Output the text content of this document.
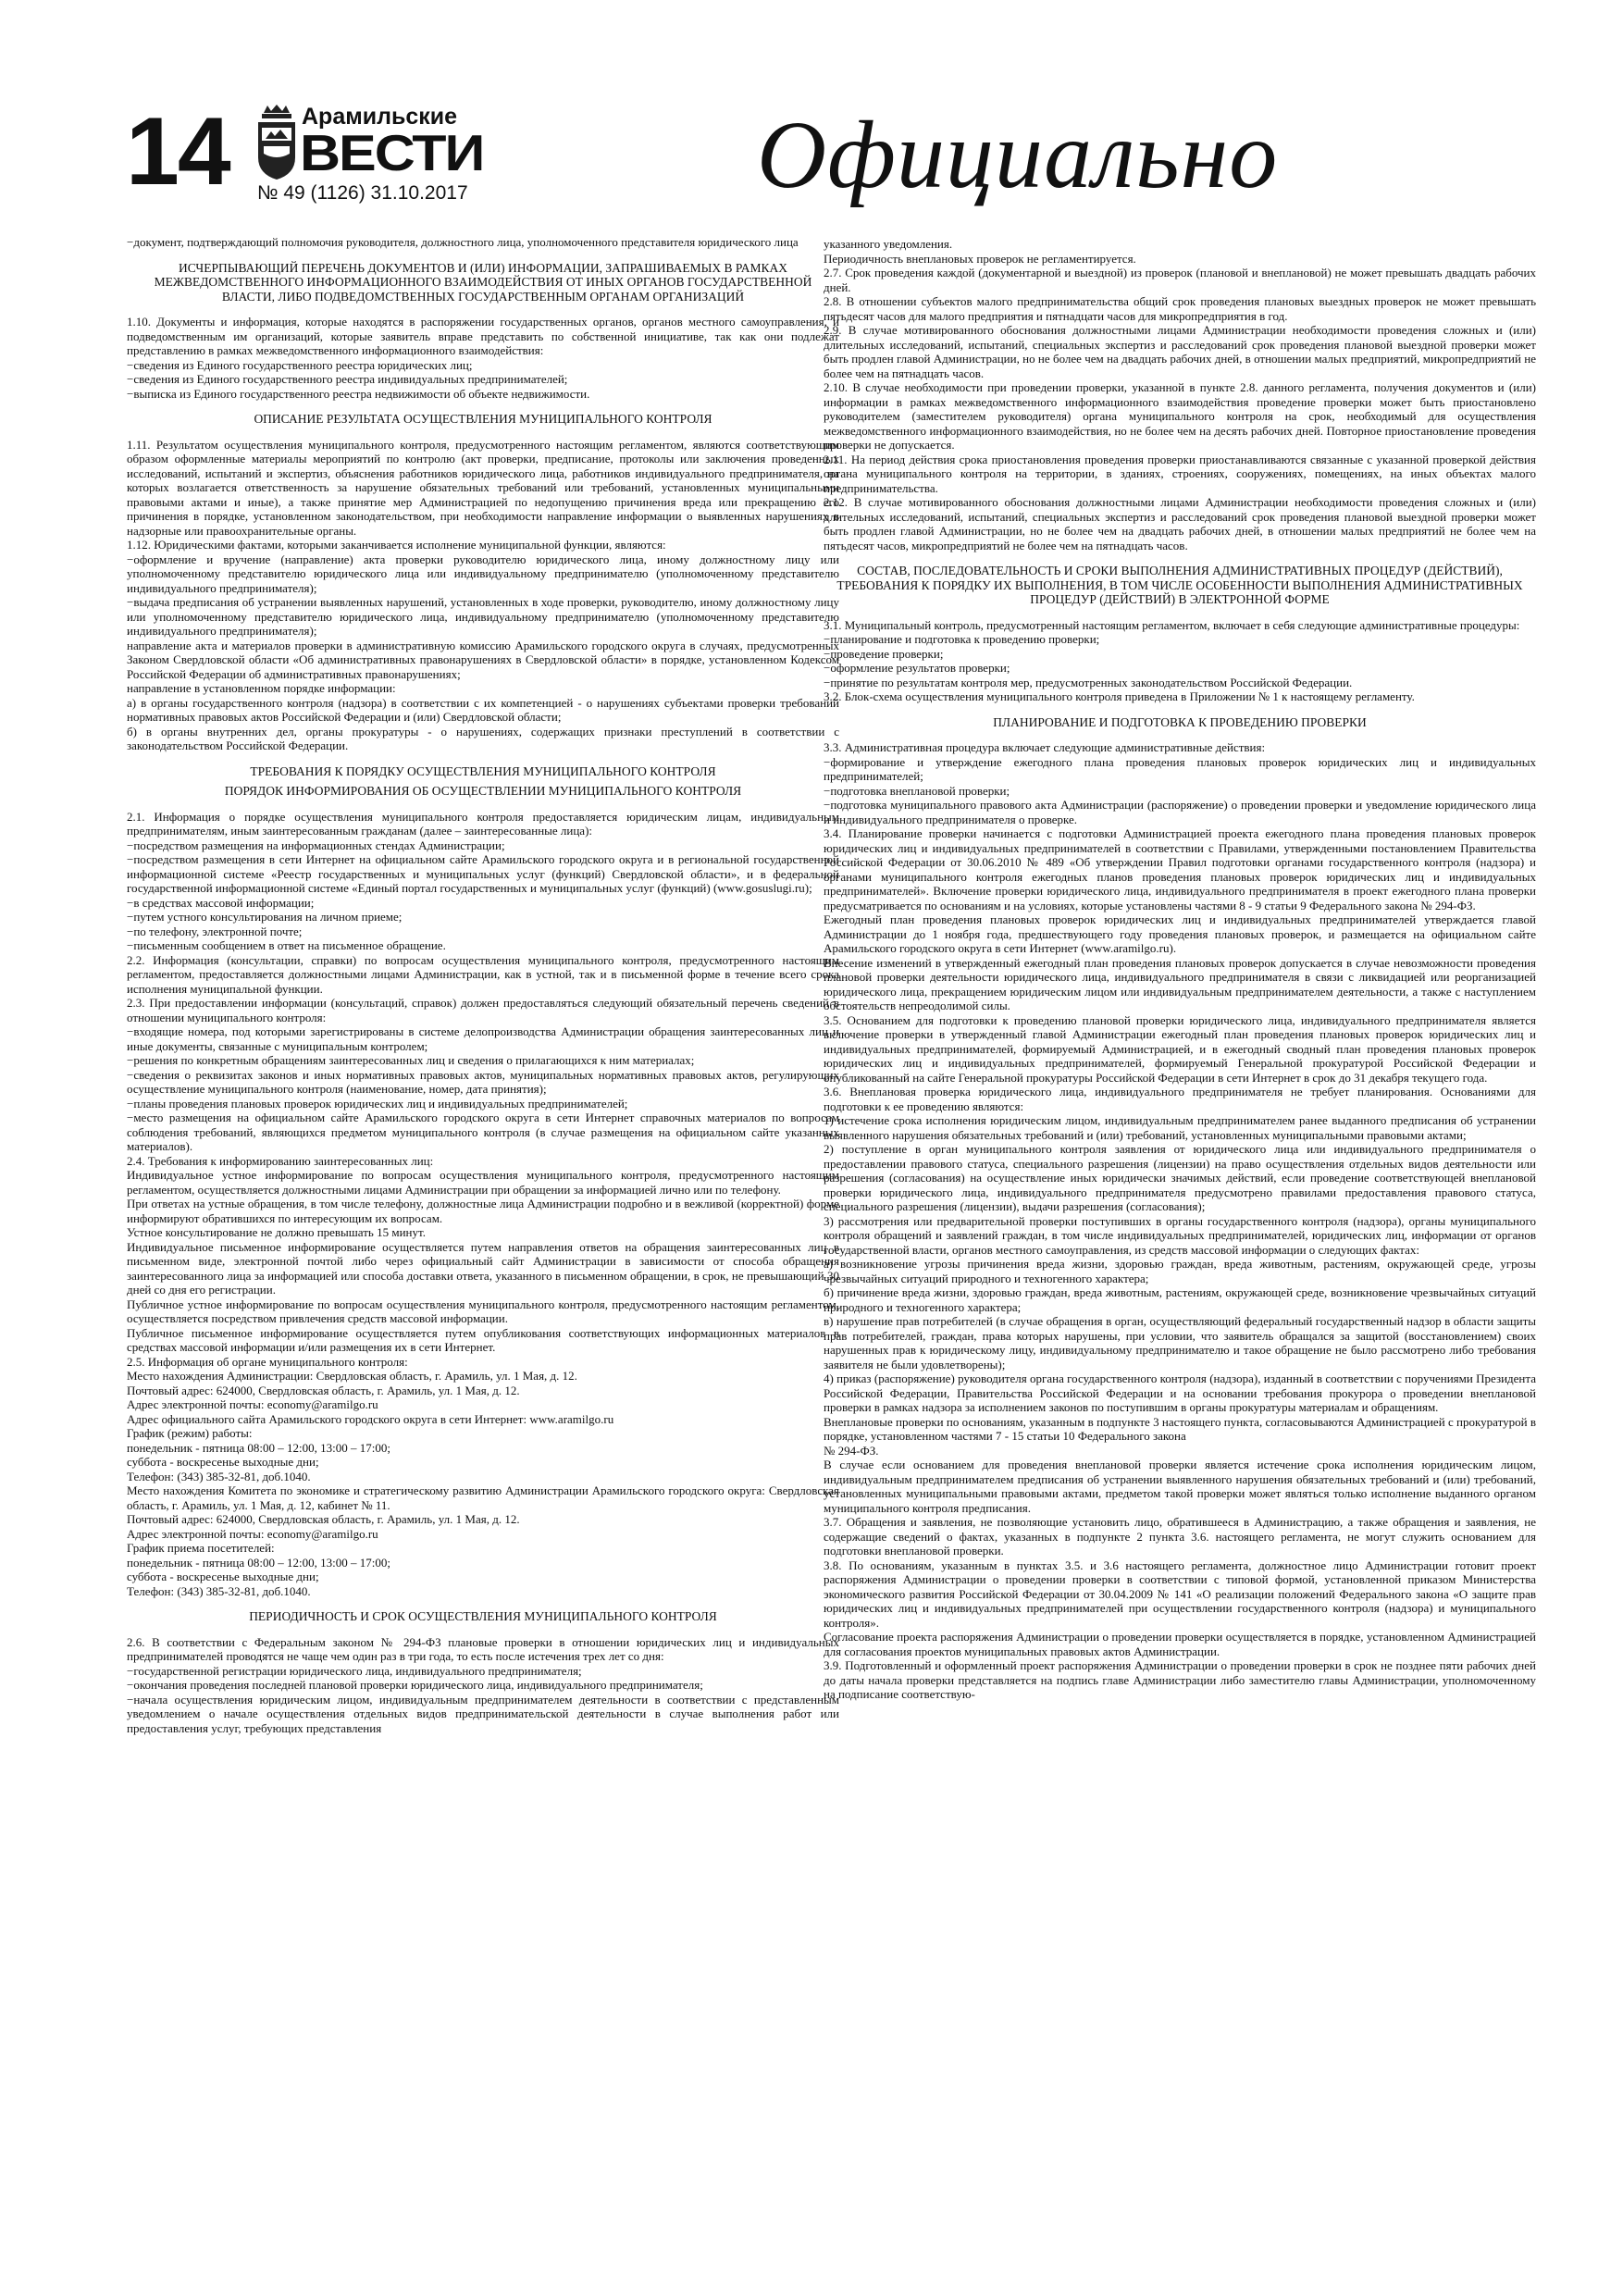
14	Арамильские
ВЕСТИ
№ 49 (1126) 31.10.2017	Официально

−документ, подтверждающий полномочия руководителя, должностного лица, уполномоченного представителя юридического лица

ИСЧЕРПЫВАЮЩИЙ ПЕРЕЧЕНЬ ДОКУМЕНТОВ И (ИЛИ) ИНФОРМАЦИИ, ЗАПРАШИВАЕМЫХ В РАМКАХ МЕЖВЕДОМСТВЕННОГО ИНФОРМАЦИОННОГО ВЗАИМОДЕЙСТВИЯ ОТ ИНЫХ ОРГАНОВ ГОСУДАРСТВЕННОЙ ВЛАСТИ, ЛИБО ПОДВЕДОМСТВЕННЫХ ГОСУДАРСТВЕННЫМ ОРГАНАМ ОРГАНИЗАЦИЙ

1.10. Документы и информация, которые находятся в распоряжении государственных органов, органов местного самоуправления, и подведомственным им организаций, которые заявитель вправе представить по собственной инициативе, так как они подлежат представлению в рамках межведомственного информационного взаимодействия:

−сведения из Единого государственного реестра юридических лиц;

−сведения из Единого государственного реестра индивидуальных предпринимателей;

−выписка из Единого государственного реестра недвижимости об объекте недвижимости.

ОПИСАНИЕ РЕЗУЛЬТАТА ОСУЩЕСТВЛЕНИЯ МУНИЦИПАЛЬНОГО КОНТРОЛЯ

1.11. Результатом осуществления муниципального контроля, предусмотренного настоящим регламентом, являются соответствующим образом оформленные материалы мероприятий по контролю (акт проверки, предписание, протоколы или заключения проведенных исследований, испытаний и экспертиз, объяснения работников юридического лица, работников индивидуального предпринимателя, на которых возлагается ответственность за нарушение обязательных требований или требований, установленных муниципальными правовыми актами и иные), а также принятие мер Администрацией по недопущению причинения вреда или прекращению его причинения в порядке, установленном законодательством, при необходимости направление информации о выявленных нарушениях в надзорные или правоохранительные органы.

1.12. Юридическими фактами, которыми заканчивается исполнение муниципальной функции, являются:

−оформление и вручение (направление) акта проверки руководителю юридического лица, иному должностному лицу или уполномоченному представителю юридического лица или индивидуальному предпринимателю (уполномоченному представителю индивидуального предпринимателя);

−выдача предписания об устранении выявленных нарушений, установленных в ходе проверки, руководителю, иному должностному лицу или уполномоченному представителю юридического лица, индивидуальному предпринимателю (уполномоченному представителю индивидуального предпринимателя);

направление акта и материалов проверки в административную комиссию Арамильского городского округа в случаях, предусмотренных Законом Свердловской области «Об административных правонарушениях в Свердловской области» в порядке, установленном Кодексом Российской Федерации об административных правонарушениях;

направление в установленном порядке информации:

а) в органы государственного контроля (надзора) в соответствии с их компетенцией - о нарушениях субъектами проверки требований нормативных правовых актов Российской Федерации и (или) Свердловской области;

б) в органы внутренних дел, органы прокуратуры - о нарушениях, содержащих признаки преступлений в соответствии с законодательством Российской Федерации.

ТРЕБОВАНИЯ К ПОРЯДКУ ОСУЩЕСТВЛЕНИЯ МУНИЦИПАЛЬНОГО КОНТРОЛЯ
ПОРЯДОК ИНФОРМИРОВАНИЯ ОБ ОСУЩЕСТВЛЕНИИ МУНИЦИПАЛЬНОГО КОНТРОЛЯ

2.1. Информация о порядке осуществления муниципального контроля предоставляется юридическим лицам, индивидуальным предпринимателям, иным заинтересованным гражданам (далее – заинтересованные лица):

−посредством размещения на информационных стендах Администрации;

−посредством размещения в сети Интернет на официальном сайте Арамильского городского округа и в региональной государственной информационной системе «Реестр государственных и муниципальных услуг (функций) Свердловской области», и в федеральной государственной информационной системе «Единый портал государственных и муниципальных услуг (функций) (www.gosuslugi.ru);

−в средствах массовой информации;

−путем устного консультирования на личном приеме;

−по телефону, электронной почте;

−письменным сообщением в ответ на письменное обращение.

2.2. Информация (консультации, справки) по вопросам осуществления муниципального контроля, предусмотренного настоящим регламентом, предоставляется должностными лицами Администрации, как в устной, так и в письменной форме в течение всего срока исполнения муниципальной функции.

2.3. При предоставлении информации (консультаций, справок) должен предоставляться следующий обязательный перечень сведений в отношении муниципального контроля:

−входящие номера, под которыми зарегистрированы в системе делопроизводства Администрации обращения заинтересованных лиц и иные документы, связанные с муниципальным контролем;

−решения по конкретным обращениям заинтересованных лиц и сведения о прилагающихся к ним материалах;

−сведения о реквизитах законов и иных нормативных правовых актов, муниципальных нормативных правовых актов, регулирующих осуществление муниципального контроля (наименование, номер, дата принятия);

−планы проведения плановых проверок юридических лиц и индивидуальных предпринимателей;

−место размещения на официальном сайте Арамильского городского округа в сети Интернет справочных материалов по вопросам соблюдения требований, являющихся предметом муниципального контроля (в случае размещения на официальном сайте указанных материалов).

2.4. Требования к информированию заинтересованных лиц:

Индивидуальное устное информирование по вопросам осуществления муниципального контроля, предусмотренного настоящим регламентом, осуществляется должностными лицами Администрации при обращении за информацией лично или по телефону.

При ответах на устные обращения, в том числе телефону, должностные лица Администрации подробно и в вежливой (корректной) форме информируют обратившихся по интересующим их вопросам.

Устное консультирование не должно превышать 15 минут.

Индивидуальное письменное информирование осуществляется путем направления ответов на обращения заинтересованных лиц в письменном виде, электронной почтой либо через официальный сайт Администрации в зависимости от способа обращения заинтересованного лица за информацией или способа доставки ответа, указанного в письменном обращении, в срок, не превышающий 30 дней со дня его регистрации.

Публичное устное информирование по вопросам осуществления муниципального контроля, предусмотренного настоящим регламентом, осуществляется посредством привлечения средств массовой информации.

Публичное письменное информирование осуществляется путем опубликования соответствующих информационных материалов в средствах массовой информации и/или размещения их в сети Интернет.

2.5. Информация об органе муниципального контроля:

Место нахождения Администрации: Свердловская область, г. Арамиль, ул. 1 Мая, д. 12.

Почтовый адрес: 624000, Свердловская область, г. Арамиль, ул. 1 Мая, д. 12.

Адрес электронной почты: economy@aramilgo.ru

Адрес официального сайта Арамильского городского округа в сети Интернет: www.aramilgo.ru

График (режим) работы:

понедельник - пятница 08:00 – 12:00, 13:00 – 17:00;

суббота - воскресенье выходные дни;

Телефон: (343) 385-32-81, доб.1040.

Место нахождения Комитета по экономике и стратегическому развитию Администрации Арамильского городского округа: Свердловская область, г. Арамиль, ул. 1 Мая, д. 12, кабинет № 11.

Почтовый адрес: 624000, Свердловская область, г. Арамиль, ул. 1 Мая, д. 12.

Адрес электронной почты: economy@aramilgo.ru

График приема посетителей:

понедельник - пятница 08:00 – 12:00, 13:00 – 17:00;

суббота - воскресенье выходные дни;

Телефон: (343) 385-32-81, доб.1040.

ПЕРИОДИЧНОСТЬ И СРОК ОСУЩЕСТВЛЕНИЯ МУНИЦИПАЛЬНОГО КОНТРОЛЯ

2.6. В соответствии с Федеральным законом № 294-ФЗ плановые проверки в отношении юридических лиц и индивидуальных предпринимателей проводятся не чаще чем один раз в три года, то есть после истечения трех лет со дня:

−государственной регистрации юридического лица, индивидуального предпринимателя;

−окончания проведения последней плановой проверки юридического лица, индивидуального предпринимателя;

−начала осуществления юридическим лицом, индивидуальным предпринимателем деятельности в соответствии с представленным уведомлением о начале осуществления отдельных видов предпринимательской деятельности в случае выполнения работ или предоставления услуг, требующих представления

указанного уведомления.

Периодичность внеплановых проверок не регламентируется.

2.7. Срок проведения каждой (документарной и выездной) из проверок (плановой и внеплановой) не может превышать двадцать рабочих дней.

2.8. В отношении субъектов малого предпринимательства общий срок проведения плановых выездных проверок не может превышать пятьдесят часов для малого предприятия и пятнадцати часов для микропредприятия в год.

2.9. В случае мотивированного обоснования должностными лицами Администрации необходимости проведения сложных и (или) длительных исследований, испытаний, специальных экспертиз и расследований срок проведения плановой выездной проверки может быть продлен главой Администрации, но не более чем на двадцать рабочих дней, в отношении малых предприятий, микропредприятий не более чем на пятнадцать часов.

2.10. В случае необходимости при проведении проверки, указанной в пункте 2.8. данного регламента, получения документов и (или) информации в рамках межведомственного информационного взаимодействия проведение проверки может быть приостановлено руководителем (заместителем руководителя) органа муниципального контроля на срок, необходимый для осуществления межведомственного информационного взаимодействия, но не более чем на десять рабочих дней. Повторное приостановление проведения проверки не допускается.

2.11. На период действия срока приостановления проведения проверки приостанавливаются связанные с указанной проверкой действия органа муниципального контроля на территории, в зданиях, строениях, сооружениях, помещениях, на иных объектах малого предпринимательства.

2.12. В случае мотивированного обоснования должностными лицами Администрации необходимости проведения сложных и (или) длительных исследований, испытаний, специальных экспертиз и расследований срок проведения плановой выездной проверки может быть продлен главой Администрации, но не более чем на двадцать рабочих дней, в отношении малых предприятий не более чем на пятьдесят часов, микропредприятий не более чем на пятнадцать часов.

СОСТАВ, ПОСЛЕДОВАТЕЛЬНОСТЬ И СРОКИ ВЫПОЛНЕНИЯ АДМИНИСТРАТИВНЫХ ПРОЦЕДУР (ДЕЙСТВИЙ), ТРЕБОВАНИЯ К ПОРЯДКУ ИХ ВЫПОЛНЕНИЯ, В ТОМ ЧИСЛЕ ОСОБЕННОСТИ ВЫПОЛНЕНИЯ АДМИНИСТРАТИВНЫХ ПРОЦЕДУР (ДЕЙСТВИЙ) В ЭЛЕКТРОННОЙ ФОРМЕ

3.1. Муниципальный контроль, предусмотренный настоящим регламентом, включает в себя следующие административные процедуры:

−планирование и подготовка к проведению проверки;

−проведение проверки;

−оформление результатов проверки;

−принятие по результатам контроля мер, предусмотренных законодательством Российской Федерации.

3.2. Блок-схема осуществления муниципального контроля приведена в Приложении № 1 к настоящему регламенту.

ПЛАНИРОВАНИЕ И ПОДГОТОВКА К ПРОВЕДЕНИЮ ПРОВЕРКИ

3.3. Административная процедура включает следующие административные действия:

−формирование и утверждение ежегодного плана проведения плановых проверок юридических лиц и индивидуальных предпринимателей;

−подготовка внеплановой проверки;

−подготовка муниципального правового акта Администрации (распоряжение) о проведении проверки и уведомление юридического лица и индивидуального предпринимателя о проверке.

3.4. Планирование проверки начинается с подготовки Администрацией проекта ежегодного плана проведения плановых проверок юридических лиц и индивидуальных предпринимателей в соответствии с Правилами, утвержденными постановлением Правительства Российской Федерации от 30.06.2010 № 489 «Об утверждении Правил подготовки органами государственного контроля (надзора) и органами муниципального контроля ежегодных планов проведения плановых проверок юридических лиц и индивидуальных предпринимателей». Включение проверки юридического лица, индивидуального предпринимателя в проект ежегодного плана проверки предусматривается по основаниям и на условиях, которые установлены частями 8 - 9 статьи 9 Федерального закона № 294-ФЗ.

Ежегодный план проведения плановых проверок юридических лиц и индивидуальных предпринимателей утверждается главой Администрации до 1 ноября года, предшествующего году проведения плановых проверок, и размещается на официальном сайте Арамильского городского округа в сети Интернет (www.aramilgo.ru).

Внесение изменений в утвержденный ежегодный план проведения плановых проверок допускается в случае невозможности проведения плановой проверки деятельности юридического лица, индивидуального предпринимателя в связи с ликвидацией или реорганизацией юридического лица, прекращением юридическим лицом или индивидуальным предпринимателем деятельности, а также с наступлением обстоятельств непреодолимой силы.

3.5. Основанием для подготовки к проведению плановой проверки юридического лица, индивидуального предпринимателя является включение проверки в утвержденный главой Администрации ежегодный план проведения плановых проверок юридических лиц и индивидуальных предпринимателей, формируемый Администрацией, и в ежегодный сводный план проведения плановых проверок юридических лиц и индивидуальных предпринимателей, формируемый Генеральной прокуратурой Российской Федерации и опубликованный на сайте Генеральной прокуратуры Российской Федерации в сети Интернет в срок до 31 декабря текущего года.

3.6. Внеплановая проверка юридического лица, индивидуального предпринимателя не требует планирования. Основаниями для подготовки к ее проведению являются:

1) истечение срока исполнения юридическим лицом, индивидуальным предпринимателем ранее выданного предписания об устранении выявленного нарушения обязательных требований и (или) требований, установленных муниципальными правовыми актами;

2) поступление в орган муниципального контроля заявления от юридического лица или индивидуального предпринимателя о предоставлении правового статуса, специального разрешения (лицензии) на право осуществления отдельных видов деятельности или разрешения (согласования) на осуществление иных юридически значимых действий, если проведение соответствующей внеплановой проверки юридического лица, индивидуального предпринимателя предусмотрено правилами предоставления правового статуса, специального разрешения (лицензии), выдачи разрешения (согласования);

3) рассмотрения или предварительной проверки поступивших в органы государственного контроля (надзора), органы муниципального контроля обращений и заявлений граждан, в том числе индивидуальных предпринимателей, юридических лиц, информации от органов государственной власти, органов местного самоуправления, из средств массовой информации о следующих фактах:

а) возникновение угрозы причинения вреда жизни, здоровью граждан, вреда животным, растениям, окружающей среде, угрозы чрезвычайных ситуаций природного и техногенного характера;

б) причинение вреда жизни, здоровью граждан, вреда животным, растениям, окружающей среде, возникновение чрезвычайных ситуаций природного и техногенного характера;

в) нарушение прав потребителей (в случае обращения в орган, осуществляющий федеральный государственный надзор в области защиты прав потребителей, граждан, права которых нарушены, при условии, что заявитель обращался за защитой (восстановлением) своих нарушенных прав к юридическому лицу, индивидуальному предпринимателю и такое обращение не было рассмотрено либо требования заявителя не были удовлетворены);

4) приказ (распоряжение) руководителя органа государственного контроля (надзора), изданный в соответствии с поручениями Президента Российской Федерации, Правительства Российской Федерации и на основании требования прокурора о проведении внеплановой проверки в рамках надзора за исполнением законов по поступившим в органы прокуратуры материалам и обращениям.

Внеплановые проверки по основаниям, указанным в подпункте 3 настоящего пункта, согласовываются Администрацией с прокуратурой в порядке, установленном частями 7 - 15 статьи 10 Федерального закона

№ 294-ФЗ.

В случае если основанием для проведения внеплановой проверки является истечение срока исполнения юридическим лицом, индивидуальным предпринимателем предписания об устранении выявленного нарушения обязательных требований и (или) требований, установленных муниципальными правовыми актами, предметом такой проверки может являться только исполнение выданного органом муниципального контроля предписания.

3.7. Обращения и заявления, не позволяющие установить лицо, обратившееся в Администрацию, а также обращения и заявления, не содержащие сведений о фактах, указанных в подпункте 2 пункта 3.6. настоящего регламента, не могут служить основанием для подготовки внеплановой проверки.

3.8. По основаниям, указанным в пунктах 3.5. и 3.6 настоящего регламента, должностное лицо Администрации готовит проект распоряжения Администрации о проведении проверки в соответствии с типовой формой, установленной приказом Министерства экономического развития Российской Федерации от 30.04.2009 № 141 «О реализации положений Федерального закона «О защите прав юридических лиц и индивидуальных предпринимателей при осуществлении государственного контроля (надзора) и муниципального контроля».

Согласование проекта распоряжения Администрации о проведении проверки осуществляется в порядке, установленном Администрацией для согласования проектов муниципальных правовых актов Администрации.

3.9. Подготовленный и оформленный проект распоряжения Администрации о проведении проверки в срок не позднее пяти рабочих дней до даты начала проверки представляется на подпись главе Администрации либо заместителю главы Администрации, уполномоченному на подписание соответствую-
